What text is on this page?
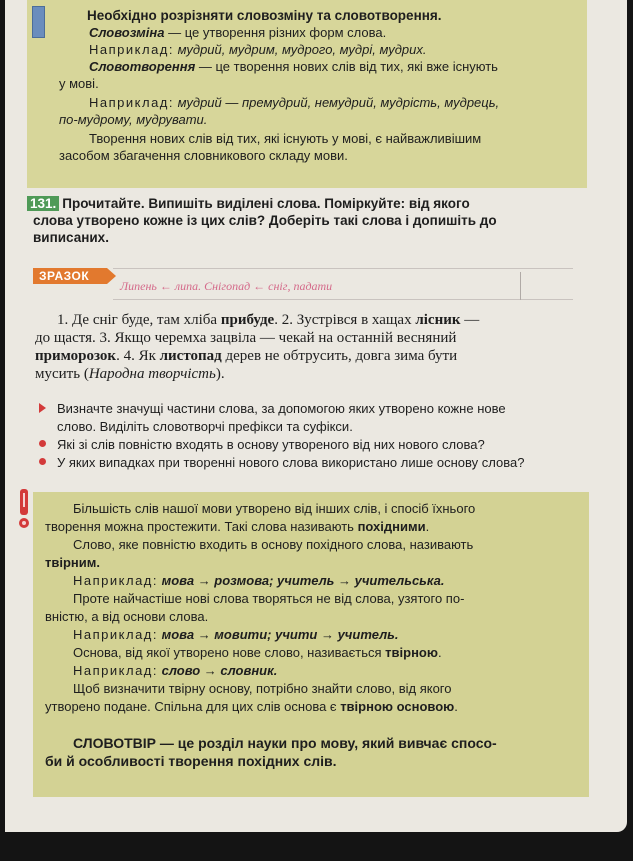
Необхідно розрізняти словозміну та словотворення.
Словозміна — це утворення різних форм слова.
Наприклад: мудрий, мудрим, мудрого, мудрі, мудрих.
Словотворення — це творення нових слів від тих, які вже існують
у мові.
Наприклад: мудрий — премудрий, немудрий, мудрість, мудрець,
по-мудрому, мудрувати.
Творення нових слів від тих, які існують у мові, є найважливішим
засобом збагачення словникового складу мови.
131. Прочитайте. Випишіть виділені слова. Поміркуйте: від якого
слова утворено кожне із цих слів? Доберіть такі слова і допишіть до
виписаних.
ЗРАЗОК
Липень ← липа. Снігопад ← сніг, падати
1. Де сніг буде, там хліба прибуде. 2. Зустрівся в хащах лісник —
до щастя. 3. Якщо черемха зацвіла — чекай на останній весняний
приморозок. 4. Як листопад дерев не обтрусить, довга зима бути
мусить (Народна творчість).
Визначте значущі частини слова, за допомогою яких утворено кожне нове
слово. Виділіть словотворчі префікси та суфікси.
Які зі слів повністю входять в основу утвореного від них нового слова?
У яких випадках при творенні нового слова використано лише основу слова?
Більшість слів нашої мови утворено від інших слів, і спосіб їхнього
творення можна простежити. Такі слова називають похідними.
Слово, яке повністю входить в основу похідного слова, називають
твірним.
Наприклад: мова → розмова; учитель → учительська.
Проте найчастіше нові слова творяться не від слова, узятого по-
вністю, а від основи слова.
Наприклад: мова → мовити; учити → учитель.
Основа, від якої утворено нове слово, називається твірною.
Наприклад: слово → словник.
Щоб визначити твірну основу, потрібно знайти слово, від якого
утворено подане. Спільна для цих слів основа є твірною основою.
СЛОВОТВІР — це розділ науки про мову, який вивчає спосо-
би й особливості творення похідних слів.
